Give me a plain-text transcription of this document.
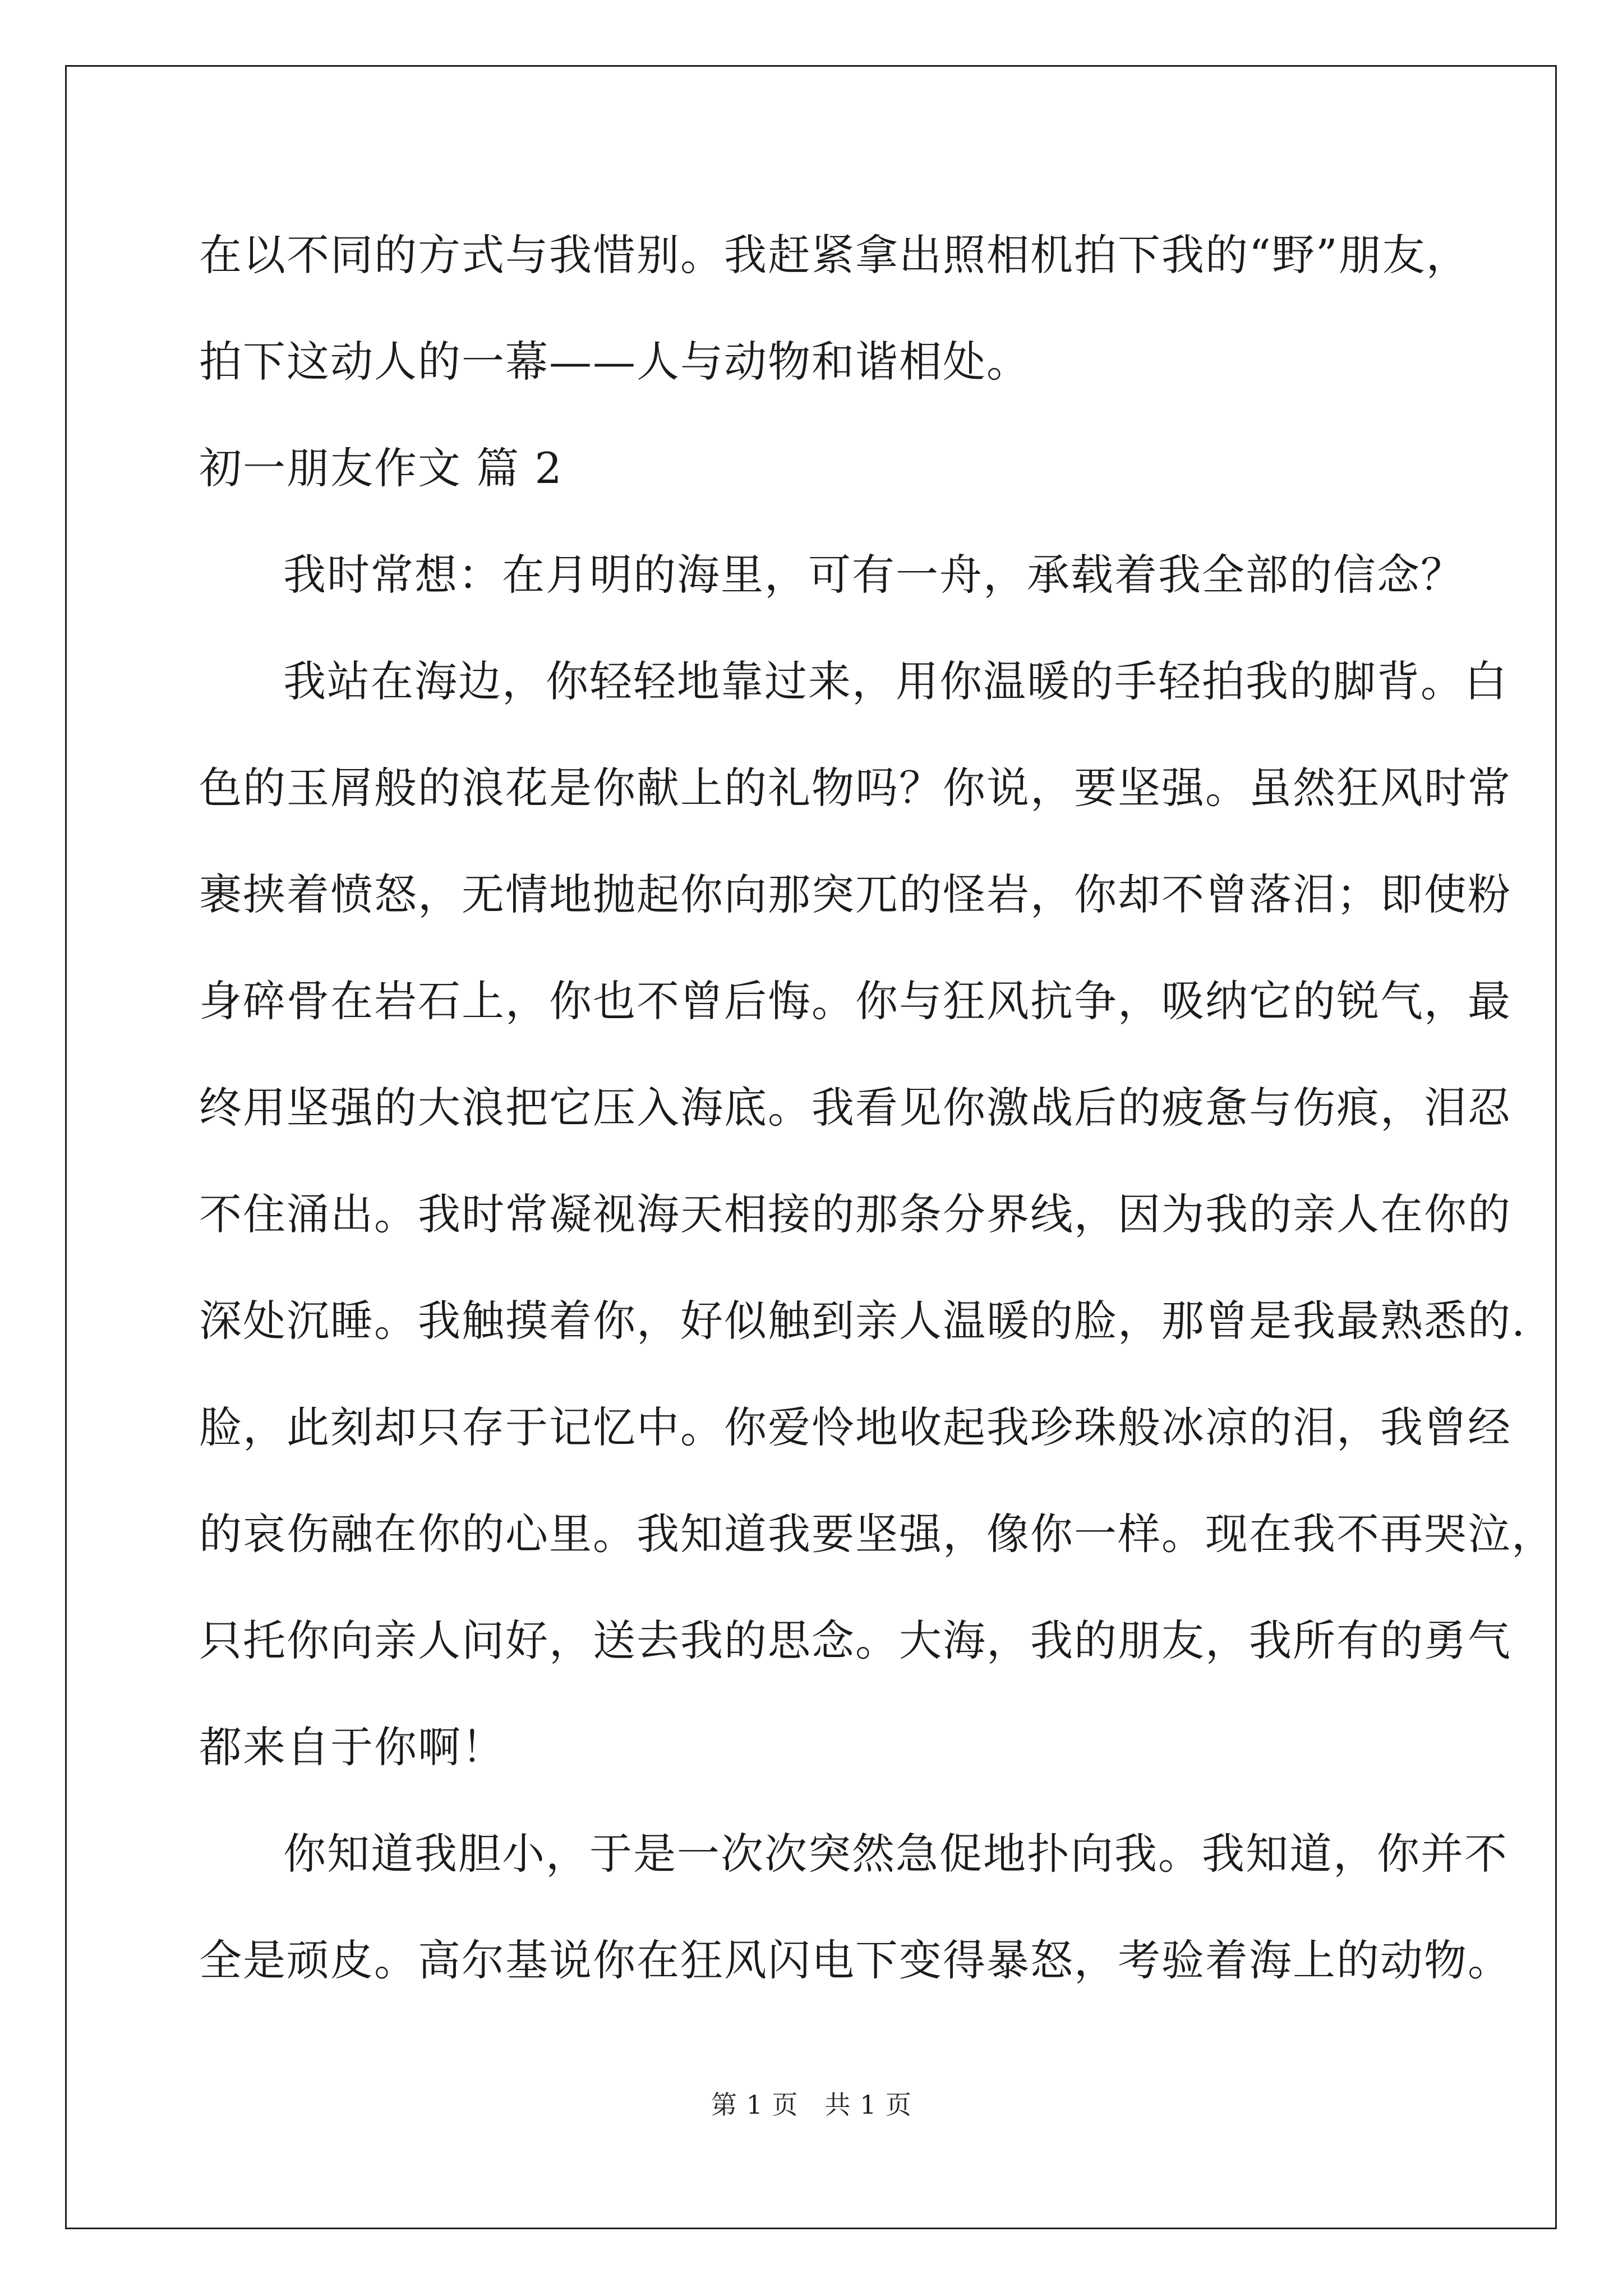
在以不同的方式与我惜别。我赶紧拿出照相机拍下我的“野”朋友，
拍下这动人的一幕——人与动物和谐相处。
初一朋友作文 篇 2
我时常想：在月明的海里，可有一舟，承载着我全部的信念？
我站在海边，你轻轻地靠过来，用你温暖的手轻拍我的脚背。白
色的玉屑般的浪花是你献上的礼物吗？你说，要坚强。虽然狂风时常
裹挟着愤怒，无情地抛起你向那突兀的怪岩，你却不曾落泪；即使粉
身碎骨在岩石上，你也不曾后悔。你与狂风抗争，吸纳它的锐气，最
终用坚强的大浪把它压入海底。我看见你激战后的疲惫与伤痕，泪忍
不住涌出。我时常凝视海天相接的那条分界线，因为我的亲人在你的
深处沉睡。我触摸着你，好似触到亲人温暖的脸，那曾是我最熟悉的.
脸，此刻却只存于记忆中。你爱怜地收起我珍珠般冰凉的泪，我曾经
的哀伤融在你的心里。我知道我要坚强，像你一样。现在我不再哭泣，
只托你向亲人问好，送去我的思念。大海，我的朋友，我所有的勇气
都来自于你啊！
你知道我胆小，于是一次次突然急促地扑向我。我知道，你并不
全是顽皮。高尔基说你在狂风闪电下变得暴怒，考验着海上的动物。
第 1 页　共 1 页
